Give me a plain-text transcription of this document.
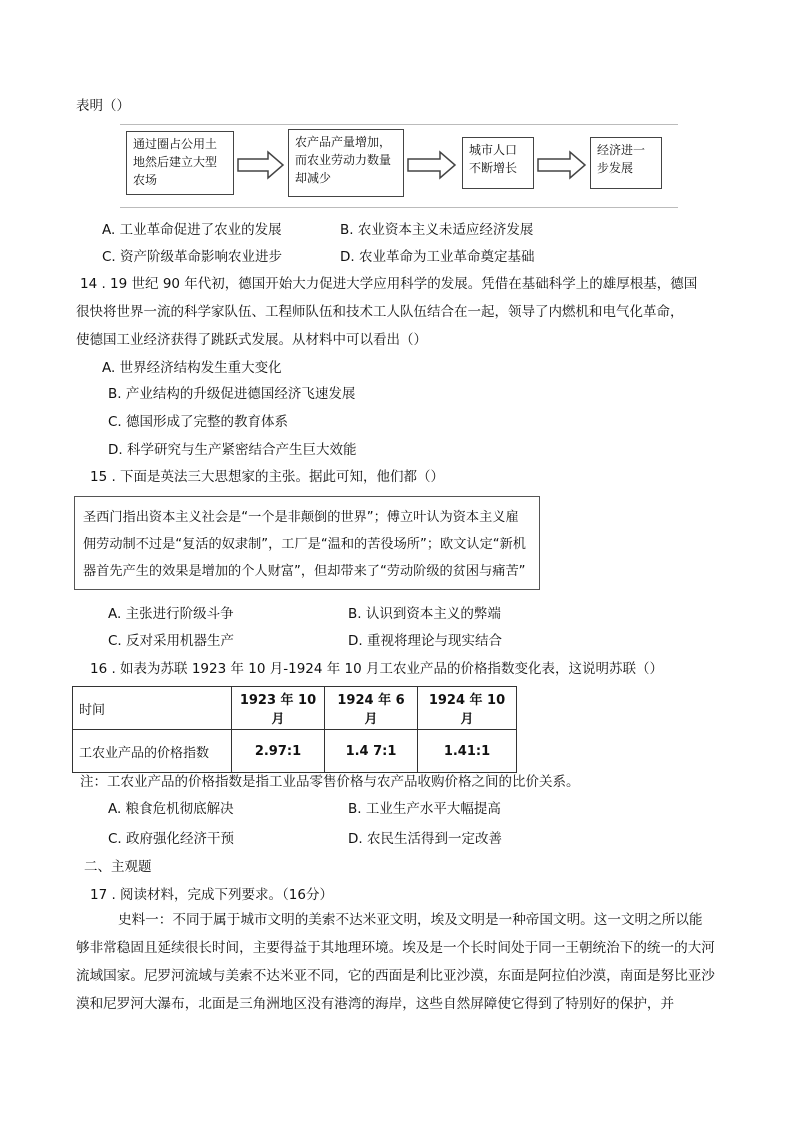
表明（）
通过圈占公用土地然后建立大型农场
农产品产量增加，而农业劳动力数量却减少
城市人口不断增长
经济进一步发展
A. 工业革命促进了农业的发展	B. 农业资本主义未适应经济发展
C. 资产阶级革命影响农业进步	D. 农业革命为工业革命奠定基础
14 . 19 世纪 90 年代初，德国开始大力促进大学应用科学的发展。凭借在基础科学上的雄厚根基，德国
很快将世界一流的科学家队伍、工程师队伍和技术工人队伍结合在一起，领导了内燃机和电气化革命，
使德国工业经济获得了跳跃式发展。从材料中可以看出（）
A. 世界经济结构发生重大变化
B. 产业结构的升级促进德国经济飞速发展
C. 德国形成了完整的教育体系
D. 科学研究与生产紧密结合产生巨大效能
15 . 下面是英法三大思想家的主张。据此可知，他们都（）
圣西门指出资本主义社会是“一个是非颠倒的世界”；傅立叶认为资本主义雇佣劳动制不过是“复活的奴隶制”，工厂是“温和的苦役场所”；欧文认定“新机器首先产生的效果是增加的个人财富”，但却带来了“劳动阶级的贫困与痛苦”
A. 主张进行阶级斗争	B. 认识到资本主义的弊端
C. 反对采用机器生产	D. 重视将理论与现实结合
16 . 如表为苏联 1923 年 10 月-1924 年 10 月工农业产品的价格指数变化表，这说明苏联（）
时间	1923 年 10 月	1924 年 6 月	1924 年 10 月
工农业产品的价格指数	2.97:1	1.4 7:1	1.41:1
注：工农业产品的价格指数是指工业品零售价格与农产品收购价格之间的比价关系。
A. 粮食危机彻底解决	B. 工业生产水平大幅提高
C. 政府强化经济干预	D. 农民生活得到一定改善
二、主观题
17 . 阅读材料，完成下列要求。（16分）
史料一：不同于属于城市文明的美索不达米亚文明，埃及文明是一种帝国文明。这一文明之所以能够非常稳固且延续很长时间，主要得益于其地理环境。埃及是一个长时间处于同一王朝统治下的统一的大河流域国家。尼罗河流域与美索不达米亚不同，它的西面是利比亚沙漠，东面是阿拉伯沙漠，南面是努比亚沙漠和尼罗河大瀑布，北面是三角洲地区没有港湾的海岸，这些自然屏障使它得到了特别好的保护，并
